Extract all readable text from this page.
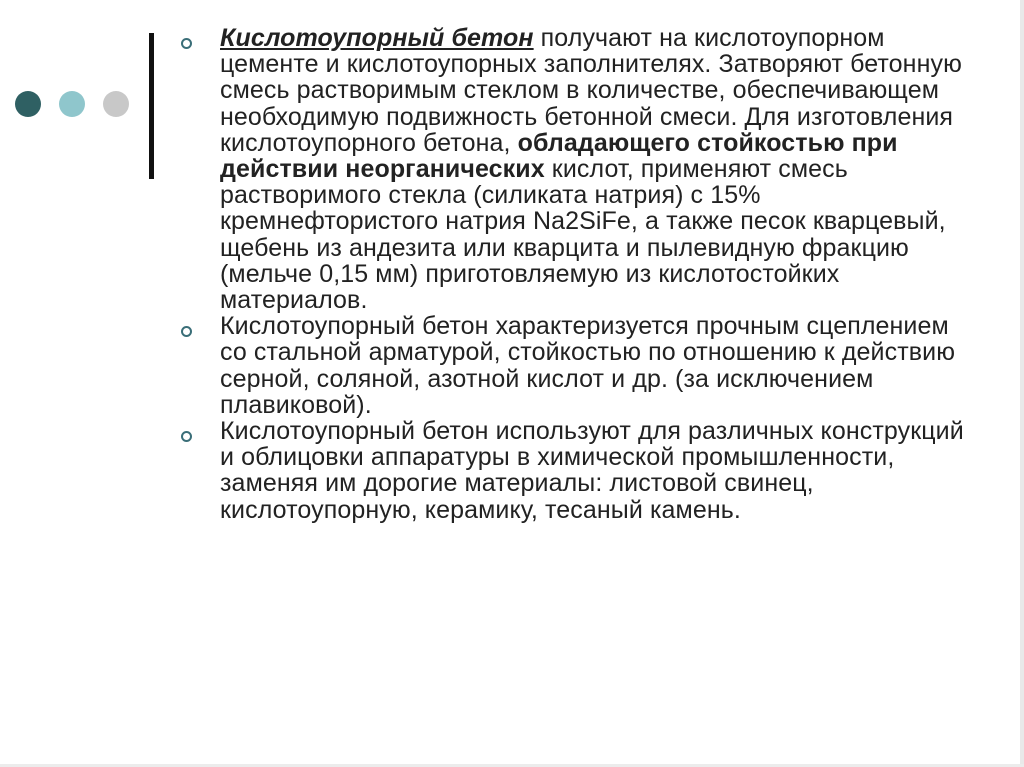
Кислотоупорный бетон получают на кислотоупорном цементе и кислотоупорных заполнителях. Затворяют бетонную смесь растворимым стеклом в количестве, обеспечивающем необходимую подвижность бетонной смеси. Для изготовления кислотоупорного бетона, обладающего стойкостью при действии неорганических кислот, применяют смесь растворимого стекла (силиката натрия) с 15% кремнефтористого натрия Na2SiFe, а также песок кварцевый, щебень из андезита или кварцита и пылевидную фракцию (мельче 0,15 мм) приготовляемую из кислотостойких материалов.
Кислотоупорный бетон характеризуется прочным сцеплением со стальной арматурой, стойкостью по отношению к действию серной, соляной, азотной кислот и др. (за исключением плавиковой).
Кислотоупорный бетон используют для различных конструкций и облицовки аппаратуры в химической промышленности, заменяя им дорогие материалы: листовой свинец, кислотоупорную, керамику, тесаный камень.
